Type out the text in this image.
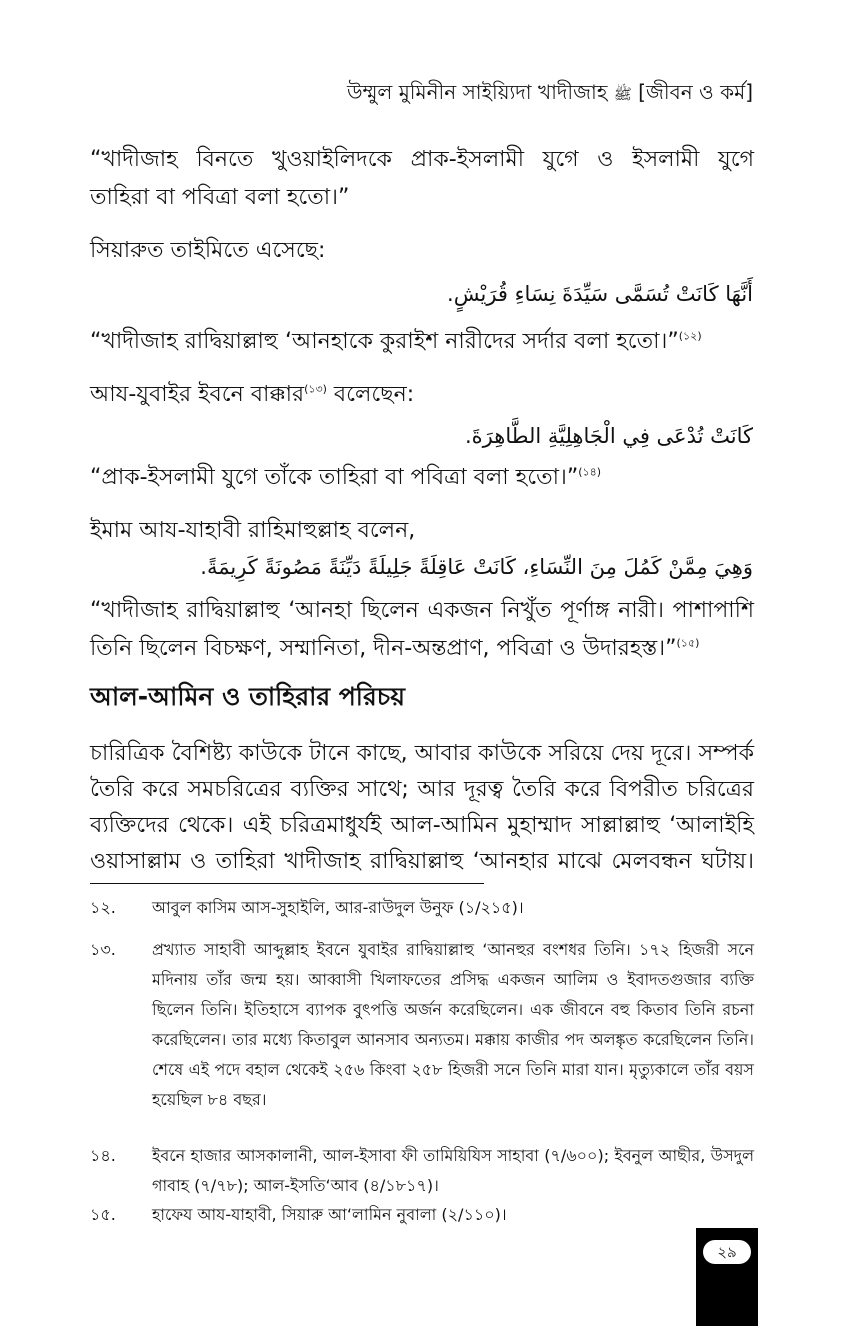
উম্মুল মুমিনীন সাইয়্যিদা খাদীজাহ ﷺ [জীবন ও কর্ম]
“খাদীজাহ বিনতে খুওয়াইলিদকে প্রাক-ইসলামী যুগে ও ইসলামী যুগে
তাহিরা বা পবিত্রা বলা হতো।”
সিয়ারুত তাইমিতে এসেছে:
أَنَّهَا كَانَتْ تُسَمَّى سَيِّدَةَ نِسَاءِ قُرَيْشٍ.
“খাদীজাহ রাদ্বিয়াল্লাহু ‘আনহাকে কুরাইশ নারীদের সর্দার বলা হতো।”$^{(১২)}$
আয-যুবাইর ইবনে বাক্কার$^{(১৩)}$ বলেছেন:
كَانَتْ تُدْعَى فِي الْجَاهِلِيَّةِ الطَّاهِرَةَ.
“প্রাক-ইসলামী যুগে তাঁকে তাহিরা বা পবিত্রা বলা হতো।”$^{(১৪)}$
ইমাম আয-যাহাবী রাহিমাহুল্লাহ বলেন,
وَهِيَ مِمَّنْ كَمُلَ مِنَ النِّسَاءِ، كَانَتْ عَاقِلَةً جَلِيلَةً دَيِّنَةً مَصُونَةً كَرِيمَةً.
“খাদীজাহ রাদ্বিয়াল্লাহু ‘আনহা ছিলেন একজন নিখুঁত পূর্ণাঙ্গ নারী। পাশাপাশি
তিনি ছিলেন বিচক্ষণ, সম্মানিতা, দীন-অন্তপ্রাণ, পবিত্রা ও উদারহস্ত।”$^{(১৫)}$
আল-আমিন ও তাহিরার পরিচয়
চারিত্রিক বৈশিষ্ট্য কাউকে টানে কাছে, আবার কাউকে সরিয়ে দেয় দূরে। সম্পর্ক
তৈরি করে সমচরিত্রের ব্যক্তির সাথে; আর দূরত্ব তৈরি করে বিপরীত চরিত্রের
ব্যক্তিদের থেকে। এই চরিত্রমাধুর্যই আল-আমিন মুহাম্মাদ সাল্লাল্লাহু ‘আলাইহি
ওয়াসাল্লাম ও তাহিরা খাদীজাহ রাদ্বিয়াল্লাহু ‘আনহার মাঝে মেলবন্ধন ঘটায়।
১২.	আবুল কাসিম আস-সুহাইলি, আর-রাউদুল উনুফ (১/২১৫)।
১৩.	প্রখ্যাত সাহাবী আব্দুল্লাহ ইবনে যুবাইর রাদ্বিয়াল্লাহু ‘আনহুর বংশধর তিনি। ১৭২ হিজরী সনে মদিনায় তাঁর জন্ম হয়। আব্বাসী খিলাফতের প্রসিদ্ধ একজন আলিম ও ইবাদতগুজার ব্যক্তি ছিলেন তিনি। ইতিহাসে ব্যাপক বুৎপত্তি অর্জন করেছিলেন। এক জীবনে বহু কিতাব তিনি রচনা করেছিলেন। তার মধ্যে কিতাবুল আনসাব অন্যতম। মক্কায় কাজীর পদ অলঙ্কৃত করেছিলেন তিনি। শেষে এই পদে বহাল থেকেই ২৫৬ কিংবা ২৫৮ হিজরী সনে তিনি মারা যান। মৃত্যুকালে তাঁর বয়স হয়েছিল ৮৪ বছর।
১৪.	ইবনে হাজার আসকালানী, আল-ইসাবা ফী তামিয়িযিস সাহাবা (৭/৬০০); ইবনুল আছীর, উসদুল গাবাহ (৭/৭৮); আল-ইসতি‘আব (৪/১৮১৭)।
১৫.	হাফেয আয-যাহাবী, সিয়ারু আ‘লামিন নুবালা (২/১১০)।
২৯
